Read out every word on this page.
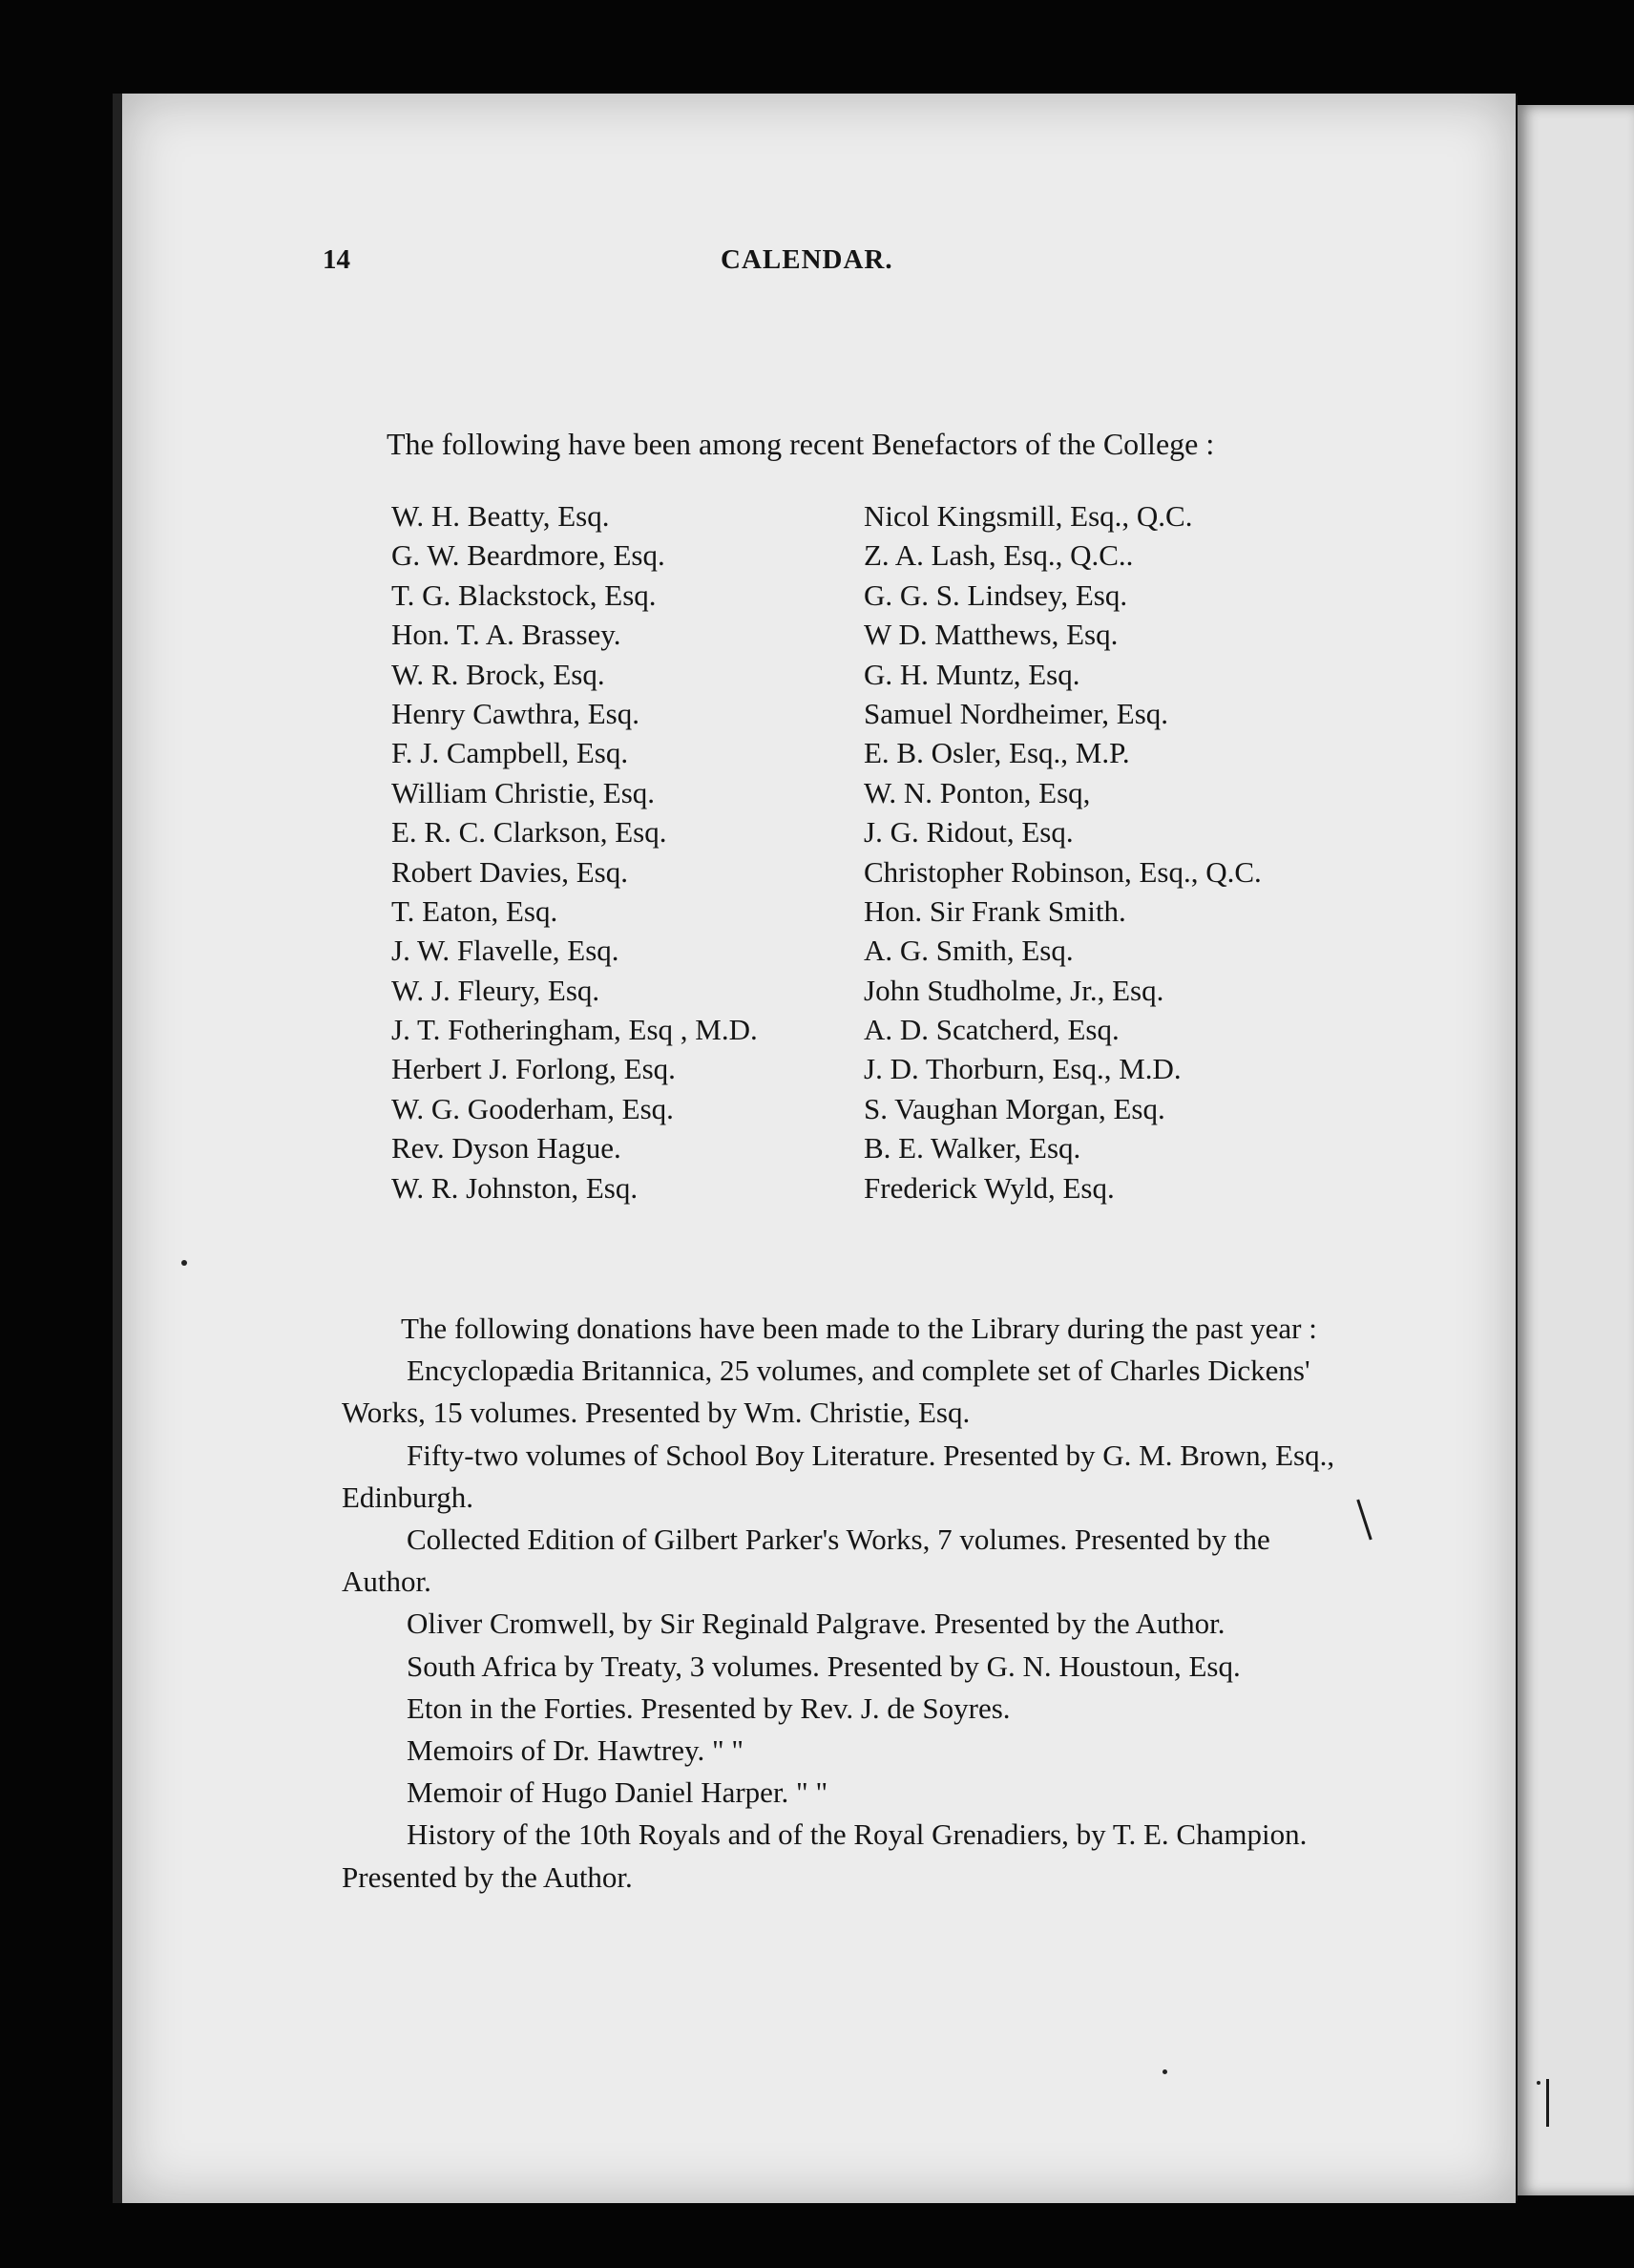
14	CALENDAR.
The following have been among recent Benefactors of the College :
W. H. Beatty, Esq.
G. W. Beardmore, Esq.
T. G. Blackstock, Esq.
Hon. T. A. Brassey.
W. R. Brock, Esq.
Henry Cawthra, Esq.
F. J. Campbell, Esq.
William Christie, Esq.
E. R. C. Clarkson, Esq.
Robert Davies, Esq.
T. Eaton, Esq.
J. W. Flavelle, Esq.
W. J. Fleury, Esq.
J. T. Fotheringham, Esq , M.D.
Herbert J. Forlong, Esq.
W. G. Gooderham, Esq.
Rev. Dyson Hague.
W. R. Johnston, Esq.
Nicol Kingsmill, Esq., Q.C.
Z. A. Lash, Esq., Q.C..
G. G. S. Lindsey, Esq.
W D. Matthews, Esq.
G. H. Muntz, Esq.
Samuel Nordheimer, Esq.
E. B. Osler, Esq., M.P.
W. N. Ponton, Esq,
J. G. Ridout, Esq.
Christopher Robinson, Esq., Q.C.
Hon. Sir Frank Smith.
A. G. Smith, Esq.
John Studholme, Jr., Esq.
A. D. Scatcherd, Esq.
J. D. Thorburn, Esq., M.D.
S. Vaughan Morgan, Esq.
B. E. Walker, Esq.
Frederick Wyld, Esq.

The following donations have been made to the Library during the past year :

Encyclopædia Britannica, 25 volumes, and complete set of Charles Dickens' Works, 15 volumes. Presented by Wm. Christie, Esq.

Fifty-two volumes of School Boy Literature. Presented by G. M. Brown, Esq., Edinburgh.

Collected Edition of Gilbert Parker's Works, 7 volumes. Presented by the Author.

Oliver Cromwell, by Sir Reginald Palgrave. Presented by the Author.

South Africa by Treaty, 3 volumes. Presented by G. N. Houstoun, Esq.

Eton in the Forties. Presented by Rev. J. de Soyres.

Memoirs of Dr. Hawtrey. " "

Memoir of Hugo Daniel Harper. " "

History of the 10th Royals and of the Royal Grenadiers, by T. E. Champion. Presented by the Author.
